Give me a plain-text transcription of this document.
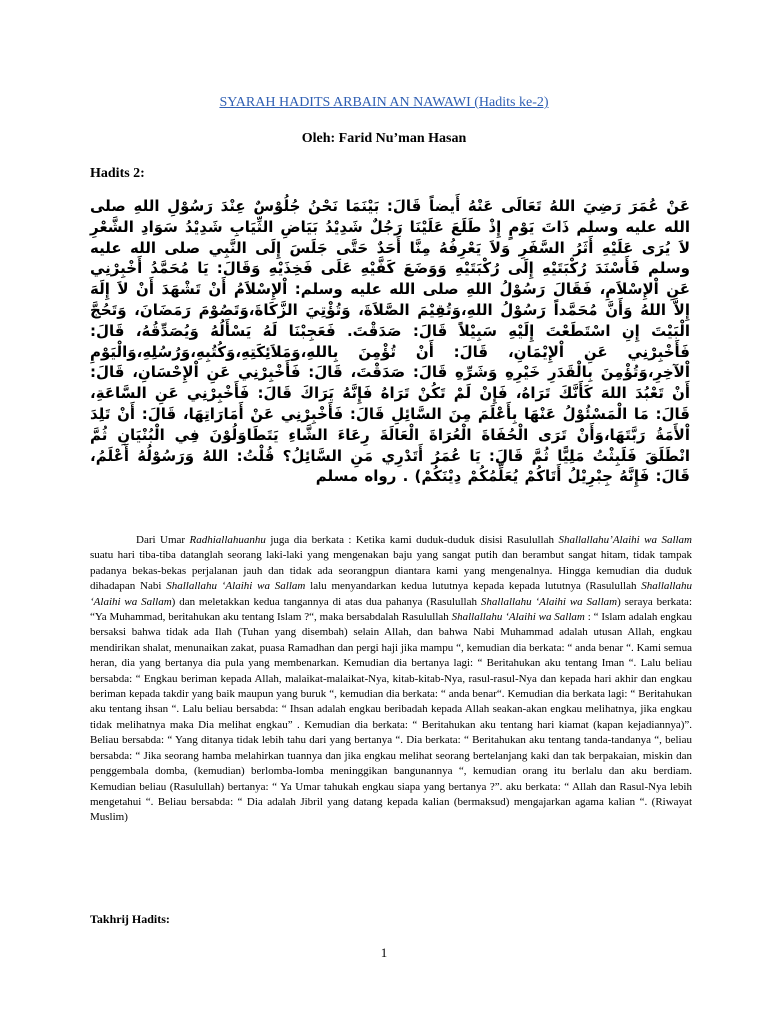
SYARAH HADITS ARBAIN AN NAWAWI (Hadits ke-2)
Oleh: Farid Nu’man Hasan
Hadits 2:
عَنْ عُمَرَ رَضِيَ اللهُ تَعَالَى عَنْهُ أَيضاً قَالَ: بَيْنَمَا نَحْنُ جُلُوْسٌ عِنْدَ رَسُوْلِ اللهِ صلى الله عليه وسلم ذَاتَ يَوْمٍ إِذْ طَلَعَ عَلَيْنَا رَجُلٌ شَدِيْدُ بَيَاضِ الثِّيَابِ شَدِيْدُ سَوَادِ الشَّعْرِ لاَ يُرَى عَلَيْهِ أَثَرُ السَّفَرِ وَلاَ يَعْرِفُهُ مِنَّا أَحَدٌ حَتَّى جَلَسَ إِلَى النَّبِي صلى الله عليه وسلم فَأَسْنَدَ رُكْبَتَيْهِ إِلَى رُكْبَتَيْهِ وَوَضَعَ كَفَّيْهِ عَلَى فَخِذَيْهِ وَقَالَ: يَا مُحَمَّدُ أَخْبِرْنِي عَنِ اْلإِسْلاَمِ، فَقَالَ رَسُوْلُ اللهِ صلى الله عليه وسلم: اْلإِسْلاَمُ أَنْ تَشْهَدَ أَنْ لاَ إِلَهَ إِلاَّ اللهُ وَأَنَّ مُحَمَّداً رَسُوْلُ اللهِ،وَتُقِيْمَ الصَّلاَةَ، وَتُؤْتِيَ الزَّكَاةَ،وَتَصُوْمَ رَمَضَانَ، وَتَحُجَّ الْبَيْتَ إِنِ اسْتَطَعْتَ إِلَيْهِ سَبِيْلاً قَالَ: صَدَقْتَ. فَعَجِبْنَا لَهُ يَسْأَلُهُ وَيُصَدِّقُهُ، قَالَ: فَأَخْبِرْنِي عَنِ اْلإِيْمَانِ، قَالَ: أَنْ تُؤْمِنَ بِاللهِ،وَمَلاَئِكَتِهِ،وَكُتُبِهِ،وَرُسُلِهِ،وَالْيَوْمِ اْلآخِرِ،وَتُؤْمِنَ بِالْقَدَرِ خَيْرِهِ وَشَرِّهِ قَالَ: صَدَقْتَ، قَالَ: فَأَخْبِرْنِي عَنِ اْلإِحْسَانِ، قَالَ: أَنْ تَعْبُدَ اللهَ كَأَنَّكَ تَرَاهُ، فَإِنْ لَمْ تَكُنْ تَرَاهُ فَإِنَّهُ يَرَاكَ قَالَ: فَأَخْبِرْنِي عَنِ السَّاعَةِ، قَالَ: مَا الْمَسْئُوْلُ عَنْهَا بِأَعْلَمَ مِنَ السَّائِلِ قَالَ: فَأَخْبِرْنِي عَنْ أَمَارَاتِهَا، قَالَ: أَنْ تَلِدَ اْلأَمَةُ رَبَّتَهَا،وَأَنْ تَرَى الْحُفَاةَ الْعُرَاةَ الْعَالَةَ رِعَاءَ الشَّاءِ يَتَطَاوَلُوْنَ فِي الْبُنْيَانِ ثُمَّ انْطَلَقَ فَلَبِثْتُ مَلِيًّا ثُمَّ قَالَ: يَا عُمَرُ أَتَدْرِي مَنِ السَّائِلُ؟ قُلْتُ: اللهُ وَرَسُوْلُهُ أَعْلَمُ، قَالَ: فَإِنَّهُ جِبْرِيْلُ أَتَاكُمْ يُعَلِّمُكُمْ دِيْنَكُمْ) . رواه مسلم

Dari Umar Radhiallahuanhu juga dia berkata : Ketika kami duduk-duduk disisi Rasulullah Shallallahu’Alaihi wa Sallam suatu hari tiba-tiba datanglah seorang laki-laki yang mengenakan baju yang sangat putih dan berambut sangat hitam, tidak tampak padanya bekas-bekas perjalanan jauh dan tidak ada seorangpun diantara kami yang mengenalnya. Hingga kemudian dia duduk dihadapan Nabi Shallallahu ‘Alaihi wa Sallam lalu menyandarkan kedua lututnya kepada kepada lututnya (Rasulullah Shallallahu ‘Alaihi wa Sallam) dan meletakkan kedua tangannya di atas dua pahanya (Rasulullah Shallallahu ‘Alaihi wa Sallam) seraya berkata: “Ya Muhammad, beritahukan aku tentang Islam ?“, maka bersabdalah Rasulullah Shallallahu ‘Alaihi wa Sallam : “ Islam adalah engkau bersaksi bahwa tidak ada Ilah (Tuhan yang disembah) selain Allah, dan bahwa Nabi Muhammad adalah utusan Allah, engkau mendirikan shalat, menunaikan zakat, puasa Ramadhan dan pergi haji jika mampu “, kemudian dia berkata: “ anda benar “. Kami semua heran, dia yang bertanya dia pula yang membenarkan. Kemudian dia bertanya lagi: “ Beritahukan aku tentang Iman “. Lalu beliau bersabda: “ Engkau beriman kepada Allah, malaikat-malaikat-Nya, kitab-kitab-Nya, rasul-rasul-Nya dan kepada hari akhir dan engkau beriman kepada takdir yang baik maupun yang buruk “, kemudian dia berkata: “ anda benar“. Kemudian dia berkata lagi: “ Beritahukan aku tentang ihsan “. Lalu beliau bersabda: “ Ihsan adalah engkau beribadah kepada Allah seakan-akan engkau melihatnya, jika engkau tidak melihatnya maka Dia melihat engkau” . Kemudian dia berkata: “ Beritahukan aku tentang hari kiamat (kapan kejadiannya)”. Beliau bersabda: “ Yang ditanya tidak lebih tahu dari yang bertanya “. Dia berkata: “ Beritahukan aku tentang tanda-tandanya “, beliau bersabda: “ Jika seorang hamba melahirkan tuannya dan jika engkau melihat seorang bertelanjang kaki dan tak berpakaian, miskin dan penggembala domba, (kemudian) berlomba-lomba meninggikan bangunannya “, kemudian orang itu berlalu dan aku berdiam. Kemudian beliau (Rasulullah) bertanya: “ Ya Umar tahukah engkau siapa yang bertanya ?”. aku berkata: “ Allah dan Rasul-Nya lebih mengetahui “. Beliau bersabda: “ Dia adalah Jibril yang datang kepada kalian (bermaksud) mengajarkan agama kalian “. (Riwayat Muslim)

Takhrij Hadits:
1
